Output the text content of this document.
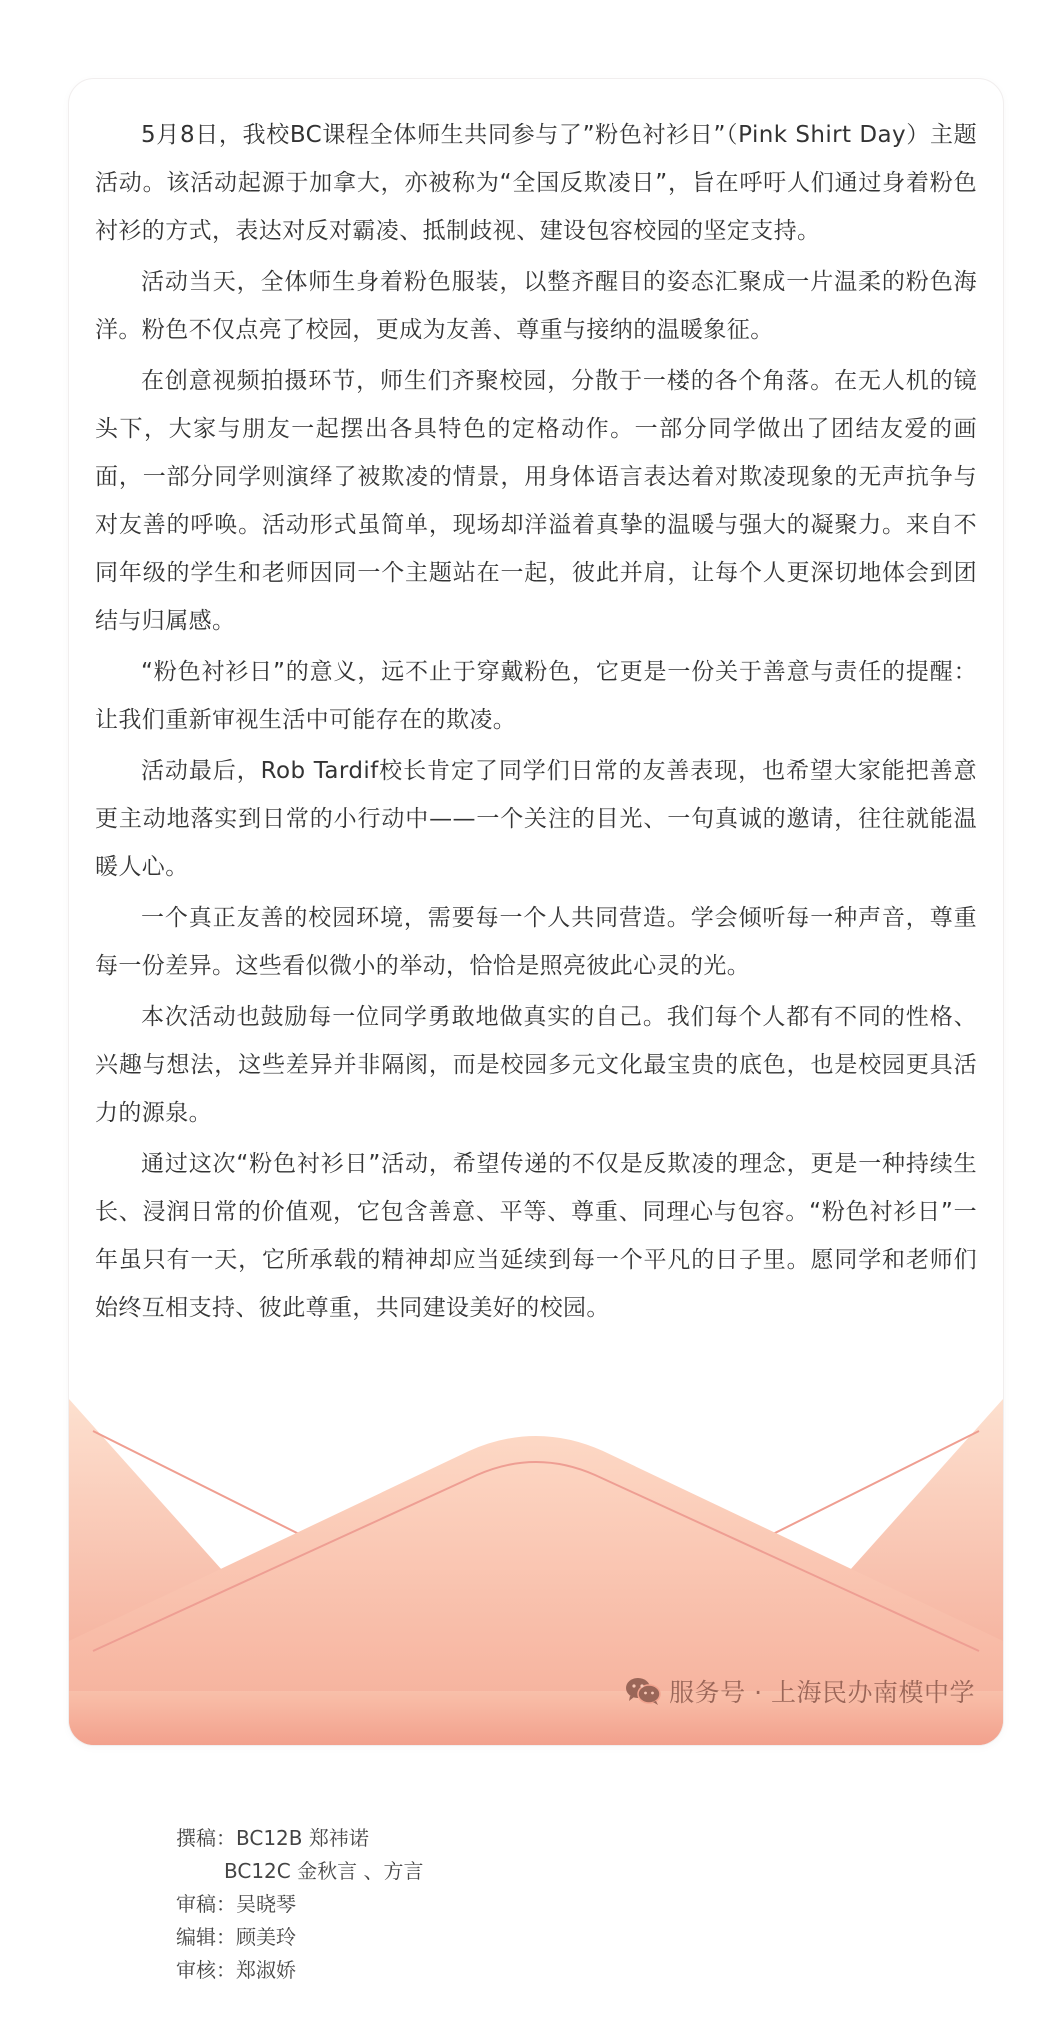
5月8日，我校BC课程全体师生共同参与了”粉色衬衫日”（Pink Shirt Day）主题活动。该活动起源于加拿大，亦被称为“全国反欺凌日”，旨在呼吁人们通过身着粉色衬衫的方式，表达对反对霸凌、抵制歧视、建设包容校园的坚定支持。

活动当天，全体师生身着粉色服装，以整齐醒目的姿态汇聚成一片温柔的粉色海洋。粉色不仅点亮了校园，更成为友善、尊重与接纳的温暖象征。

在创意视频拍摄环节，师生们齐聚校园，分散于一楼的各个角落。在无人机的镜头下，大家与朋友一起摆出各具特色的定格动作。一部分同学做出了团结友爱的画面，一部分同学则演绎了被欺凌的情景，用身体语言表达着对欺凌现象的无声抗争与对友善的呼唤。活动形式虽简单，现场却洋溢着真挚的温暖与强大的凝聚力。来自不同年级的学生和老师因同一个主题站在一起，彼此并肩，让每个人更深切地体会到团结与归属感。

“粉色衬衫日”的意义，远不止于穿戴粉色，它更是一份关于善意与责任的提醒：让我们重新审视生活中可能存在的欺凌。

活动最后，Rob Tardif校长肯定了同学们日常的友善表现，也希望大家能把善意更主动地落实到日常的小行动中——一个关注的目光、一句真诚的邀请，往往就能温暖人心。

一个真正友善的校园环境，需要每一个人共同营造。学会倾听每一种声音，尊重每一份差异。这些看似微小的举动，恰恰是照亮彼此心灵的光。

本次活动也鼓励每一位同学勇敢地做真实的自己。我们每个人都有不同的性格、兴趣与想法，这些差异并非隔阂，而是校园多元文化最宝贵的底色，也是校园更具活力的源泉。

通过这次“粉色衬衫日”活动，希望传递的不仅是反欺凌的理念，更是一种持续生长、浸润日常的价值观，它包含善意、平等、尊重、同理心与包容。“粉色衬衫日”一年虽只有一天，它所承载的精神却应当延续到每一个平凡的日子里。愿同学和老师们始终互相支持、彼此尊重，共同建设美好的校园。

服务号 · 上海民办南模中学
撰稿：BC12B 郑祎诺
BC12C 金秋言 、方言
审稿：吴晓琴
编辑：顾美玲
审核：郑淑娇
